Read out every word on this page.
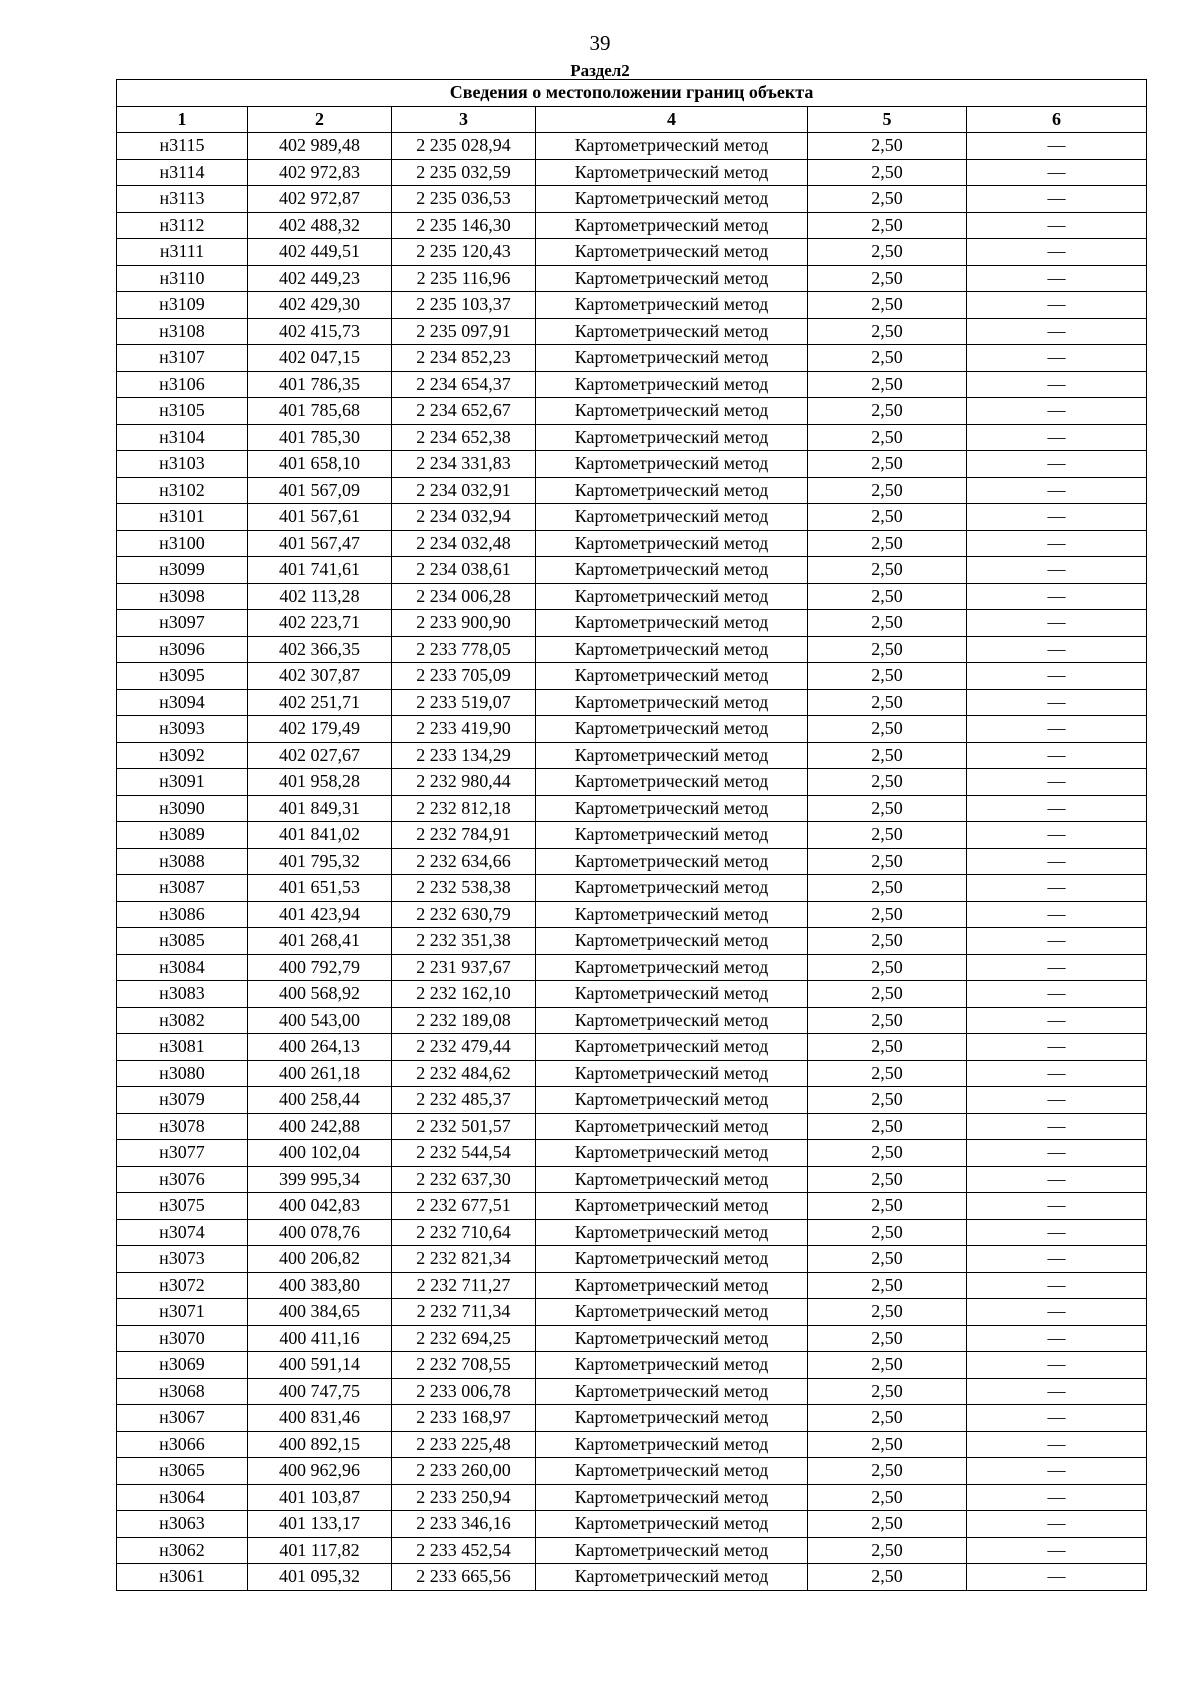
39
Раздел2
Сведения о местоположении границ объекта					
1	2	3	4	5	6
н3115	402 989,48	2 235 028,94	Картометрический метод	2,50	—
н3114	402 972,83	2 235 032,59	Картометрический метод	2,50	—
н3113	402 972,87	2 235 036,53	Картометрический метод	2,50	—
н3112	402 488,32	2 235 146,30	Картометрический метод	2,50	—
н3111	402 449,51	2 235 120,43	Картометрический метод	2,50	—
н3110	402 449,23	2 235 116,96	Картометрический метод	2,50	—
н3109	402 429,30	2 235 103,37	Картометрический метод	2,50	—
н3108	402 415,73	2 235 097,91	Картометрический метод	2,50	—
н3107	402 047,15	2 234 852,23	Картометрический метод	2,50	—
н3106	401 786,35	2 234 654,37	Картометрический метод	2,50	—
н3105	401 785,68	2 234 652,67	Картометрический метод	2,50	—
н3104	401 785,30	2 234 652,38	Картометрический метод	2,50	—
н3103	401 658,10	2 234 331,83	Картометрический метод	2,50	—
н3102	401 567,09	2 234 032,91	Картометрический метод	2,50	—
н3101	401 567,61	2 234 032,94	Картометрический метод	2,50	—
н3100	401 567,47	2 234 032,48	Картометрический метод	2,50	—
н3099	401 741,61	2 234 038,61	Картометрический метод	2,50	—
н3098	402 113,28	2 234 006,28	Картометрический метод	2,50	—
н3097	402 223,71	2 233 900,90	Картометрический метод	2,50	—
н3096	402 366,35	2 233 778,05	Картометрический метод	2,50	—
н3095	402 307,87	2 233 705,09	Картометрический метод	2,50	—
н3094	402 251,71	2 233 519,07	Картометрический метод	2,50	—
н3093	402 179,49	2 233 419,90	Картометрический метод	2,50	—
н3092	402 027,67	2 233 134,29	Картометрический метод	2,50	—
н3091	401 958,28	2 232 980,44	Картометрический метод	2,50	—
н3090	401 849,31	2 232 812,18	Картометрический метод	2,50	—
н3089	401 841,02	2 232 784,91	Картометрический метод	2,50	—
н3088	401 795,32	2 232 634,66	Картометрический метод	2,50	—
н3087	401 651,53	2 232 538,38	Картометрический метод	2,50	—
н3086	401 423,94	2 232 630,79	Картометрический метод	2,50	—
н3085	401 268,41	2 232 351,38	Картометрический метод	2,50	—
н3084	400 792,79	2 231 937,67	Картометрический метод	2,50	—
н3083	400 568,92	2 232 162,10	Картометрический метод	2,50	—
н3082	400 543,00	2 232 189,08	Картометрический метод	2,50	—
н3081	400 264,13	2 232 479,44	Картометрический метод	2,50	—
н3080	400 261,18	2 232 484,62	Картометрический метод	2,50	—
н3079	400 258,44	2 232 485,37	Картометрический метод	2,50	—
н3078	400 242,88	2 232 501,57	Картометрический метод	2,50	—
н3077	400 102,04	2 232 544,54	Картометрический метод	2,50	—
н3076	399 995,34	2 232 637,30	Картометрический метод	2,50	—
н3075	400 042,83	2 232 677,51	Картометрический метод	2,50	—
н3074	400 078,76	2 232 710,64	Картометрический метод	2,50	—
н3073	400 206,82	2 232 821,34	Картометрический метод	2,50	—
н3072	400 383,80	2 232 711,27	Картометрический метод	2,50	—
н3071	400 384,65	2 232 711,34	Картометрический метод	2,50	—
н3070	400 411,16	2 232 694,25	Картометрический метод	2,50	—
н3069	400 591,14	2 232 708,55	Картометрический метод	2,50	—
н3068	400 747,75	2 233 006,78	Картометрический метод	2,50	—
н3067	400 831,46	2 233 168,97	Картометрический метод	2,50	—
н3066	400 892,15	2 233 225,48	Картометрический метод	2,50	—
н3065	400 962,96	2 233 260,00	Картометрический метод	2,50	—
н3064	401 103,87	2 233 250,94	Картометрический метод	2,50	—
н3063	401 133,17	2 233 346,16	Картометрический метод	2,50	—
н3062	401 117,82	2 233 452,54	Картометрический метод	2,50	—
н3061	401 095,32	2 233 665,56	Картометрический метод	2,50	—
